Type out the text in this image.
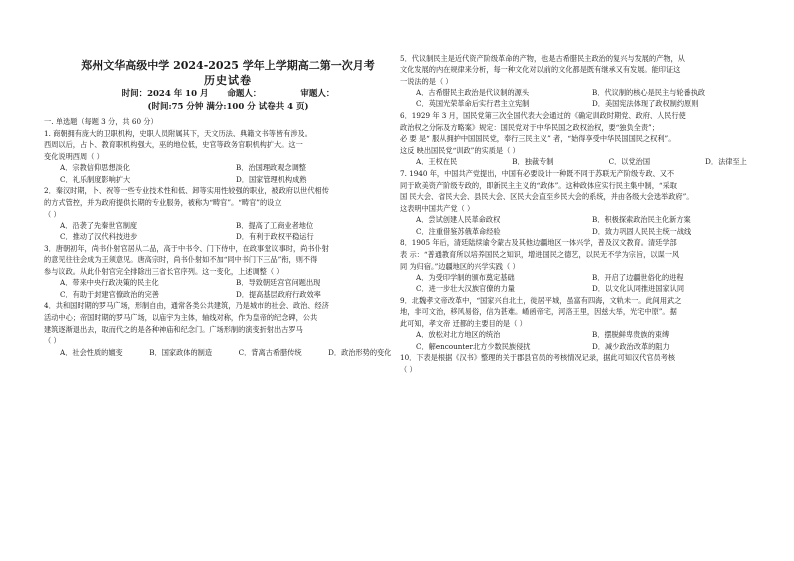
郑州文华高级中学 2024-2025 学年上学期高二第一次月考
历史试卷
时间：2024 年 10 月 命题人：	审题人：
(时间:75 分钟 满分:100 分 试卷共 4 页)
一. 单选题（每题 3 分，共 60 分）
1. 商朝拥有庞大的卫职机构，史职人员附属其下，天文历法、典籍文书等皆有涉及。
西周以后，占卜、教育职机构强大，巫的地位低，史官等政务官职机构扩大。这一
变化说明西周（ ）
A．宗教信仰思想淡化	B．治国理政观念调整
C．礼乐制度影响扩大	D．国家管理机构成熟
2．秦汉时期，卜、祝等一些专业技术性和低、卸等实用性较强的职业，被政府以世代相传
的方式管控，并为政府提供长期的专业服务，被称为“畴官”。“畴官”的设立
（ ）
A．沿袭了先秦世官制度	B．提高了工商业者地位
C．推动了汉代科技进步	D．有利于政权平稳运行
3．唐朝初年，尚书仆射官居从二品，高于中书令、门下侍中，在政事堂议事时，尚书仆射
的意见往往会成为王须意见。唐高宗时，尚书仆射如不加“同中书门下三品”衔，则不得
参与议政。从此仆射官完全排除出三省长官序列。这一变化，上述调整（ ）
A．带来中央行政决策的民主化	B．导致朝廷宫官问题出现
C．有助于封建官僚政治的完善	D．提高基层政府行政效率
4．共和国时期的罗马广场，形制自由，通常各类公共建筑，乃是城市的社会、政治、经济
活动中心；帝国时期的罗马广场，以庙宇为主体，轴线对称，作为皇帝的纪念碑，公共
建筑逐渐退出去，取而代之的是各种神庙和纪念门。广场形制的演变折射出古罗马
（ ）
A．社会性质的嬗变	B．国家政体的制造	C．背离古希腊传统	D．政治形势的变化
5．代议制民主是近代资产阶级革命的产物，也是古希腊民主政治的复兴与发展的产物，从
文化发展的内在规律来分析，每一种文化对以前的文化都是既有继承又有发展。能印证这
一说法的是（ ）
A．古希腊民主政治是代议制的源头	B．代议制的核心是民主与轮番执政
C．英国光荣革命后实行君主立宪制	D．美国宪法体现了政权制约原则
6．1929 年 3 月，国民党第三次全国代表大会通过的《确定训政时期党、政府、人民行使
政治权之分际及方略案》规定：国民党对于中华民国之政权治权，要“独负全责”；
必 要 是“ 服从拥护中国国民党，奉行三民主义” 者，“始得享受中华民国国民之权利”。
这反 映出国民党“训政”的实质是（ ）
A．王权在民	B．独裁专制	C．以党治国	D．法律至上
7. 1940 年，中国共产党提出，中国有必要设计一种既不同于苏联无产阶级专政、又不
同于欧美资产阶级专政的，即新民主主义的“政体”。这种政体应实行民主集中制，“采取
国 民大会、省民大会、县民大会、区民大会直至乡民大会的系统，并由各级大会选举政府”。
这表明中国共产党（ ）
A．尝试创建人民革命政权	B．积极探索政治民主化新方案
C．注重借鉴苏俄革命经验	D．致力巩固人民民主统一战线
8．1905 年后，清廷陆续谕令蒙古及其他边疆地区一体兴学，普及汉文教育。清廷学部
表 示：“普通教育所以培养国民之知识，增进国民之德艺，以民无不学为宗旨，以谋一风
同 为归宿。”边疆地区的兴学实践（ ）
A．为受印学制的颁布奠定基础	B．开启了边疆世俗化的进程
C．进一步壮大汉族官僚的力量	D．以文化认同推进国家认同
9．北魏孝文帝改革中，“国家兴自北土，徙居平城，虽富有四海，文轨未一。此间用武之
地，非可文治，移风易俗，信为甚难。崤函帝宅，河洛王里，因兹大举，光宅中原”。据
此可知，孝文帝 迁都的主要目的是（ ）
A．放松对北方地区的统治	B．摆脱鲜卑贵族的束缚
C．解encounter北方少数民族侵扰	D．减少政治改革的阻力
10．下表是根据《汉书》整理的关于郡县官员的考核情况记录，据此可知汉代官员考核
（ ）
